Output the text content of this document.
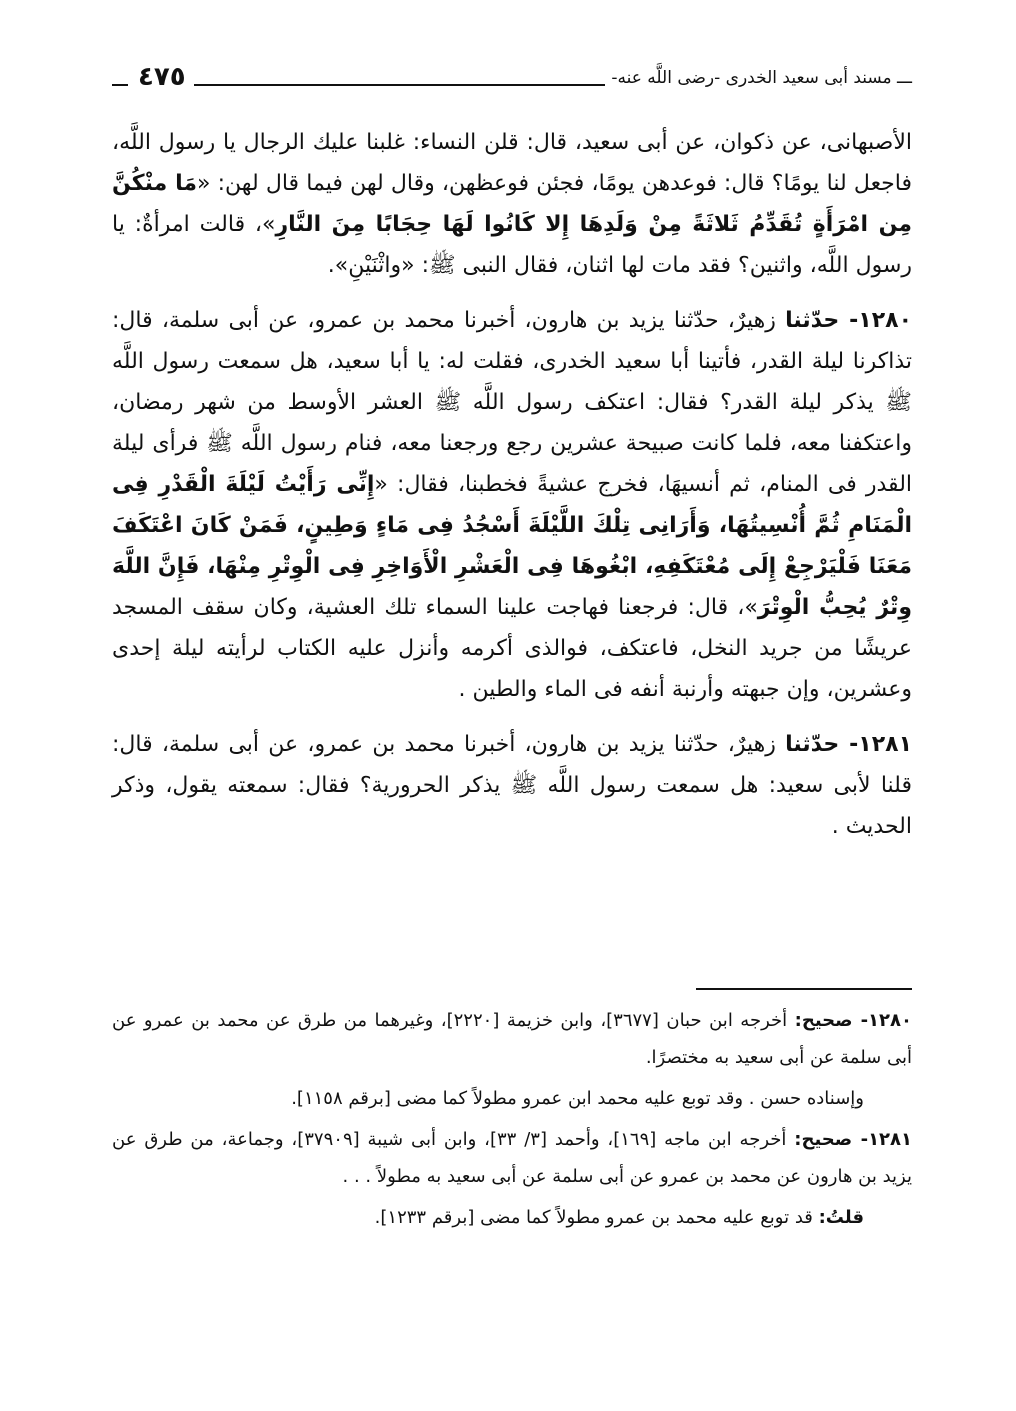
ـــ مسند أبى سعيد الخدرى -رضى اللَّه عنه-
٤٧٥

الأصبهانى، عن ذكوان، عن أبى سعيد، قال: قلن النساء: غلبنا عليك الرجال يا رسول اللَّه، فاجعل لنا يومًا؟ قال: فوعدهن يومًا، فجئن فوعظهن، وقال لهن فيما قال لهن: «مَا منْكُنَّ مِن امْرَأَةٍ تُقَدِّمُ ثَلاثَةً مِنْ وَلَدِهَا إِلا كَانُوا لَهَا حِجَابًا مِنَ النَّارِ»، قالت امرأةٌ: يا رسول اللَّه، واثنين؟ فقد مات لها اثنان، فقال النبى ﷺ: «واثْنَيْنِ».

١٢٨٠- حدّثنا زهيرٌ، حدّثنا يزيد بن هارون، أخبرنا محمد بن عمرو، عن أبى سلمة، قال: تذاكرنا ليلة القدر، فأتينا أبا سعيد الخدرى، فقلت له: يا أبا سعيد، هل سمعت رسول اللَّه ﷺ يذكر ليلة القدر؟ فقال: اعتكف رسول اللَّه ﷺ العشر الأوسط من شهر رمضان، واعتكفنا معه، فلما كانت صبيحة عشرين رجع ورجعنا معه، فنام رسول اللَّه ﷺ فرأى ليلة القدر فى المنام، ثم أنسيهَا، فخرج عشيةً فخطبنا، فقال: «إِنِّى رَأَيْتُ لَيْلَةَ الْقَدْرِ فِى الْمَنَامِ ثُمَّ أُنْسِيتُهَا، وَأَرَانِى تِلْكَ اللَّيْلَةَ أَسْجُدُ فِى مَاءٍ وَطِينٍ، فَمَنْ كَانَ اعْتَكَفَ مَعَنَا فَلْيَرْجِعْ إِلَى مُعْتَكَفِهِ، ابْغُوهَا فِى الْعَشْرِ الْأَوَاخِرِ فِى الْوِتْرِ مِنْهَا، فَإِنَّ اللَّهَ وِتْرٌ يُحِبُّ الْوِتْرَ»، قال: فرجعنا فهاجت علينا السماء تلك العشية، وكان سقف المسجد عريشًا من جريد النخل، فاعتكف، فوالذى أكرمه وأنزل عليه الكتاب لرأيته ليلة إحدى وعشرين، وإن جبهته وأرنبة أنفه فى الماء والطين .

١٢٨١- حدّثنا زهيرٌ، حدّثنا يزيد بن هارون، أخبرنا محمد بن عمرو، عن أبى سلمة، قال: قلنا لأبى سعيد: هل سمعت رسول اللَّه ﷺ يذكر الحرورية؟ فقال: سمعته يقول، وذكر الحديث .

١٢٨٠- صحيح: أخرجه ابن حبان [٣٦٧٧]، وابن خزيمة [٢٢٢٠]، وغيرهما من طرق عن محمد بن عمرو عن أبى سلمة عن أبى سعيد به مختصرًا.

وإسناده حسن . وقد توبع عليه محمد ابن عمرو مطولاً كما مضى [برقم ١١٥٨].

١٢٨١- صحيح: أخرجه ابن ماجه [١٦٩]، وأحمد [٣/ ٣٣]، وابن أبى شيبة [٣٧٩٠٩]، وجماعة، من طرق عن يزيد بن هارون عن محمد بن عمرو عن أبى سلمة عن أبى سعيد به مطولاً . . .

قلتُ: قد توبع عليه محمد بن عمرو مطولاً كما مضى [برقم ١٢٣٣].
